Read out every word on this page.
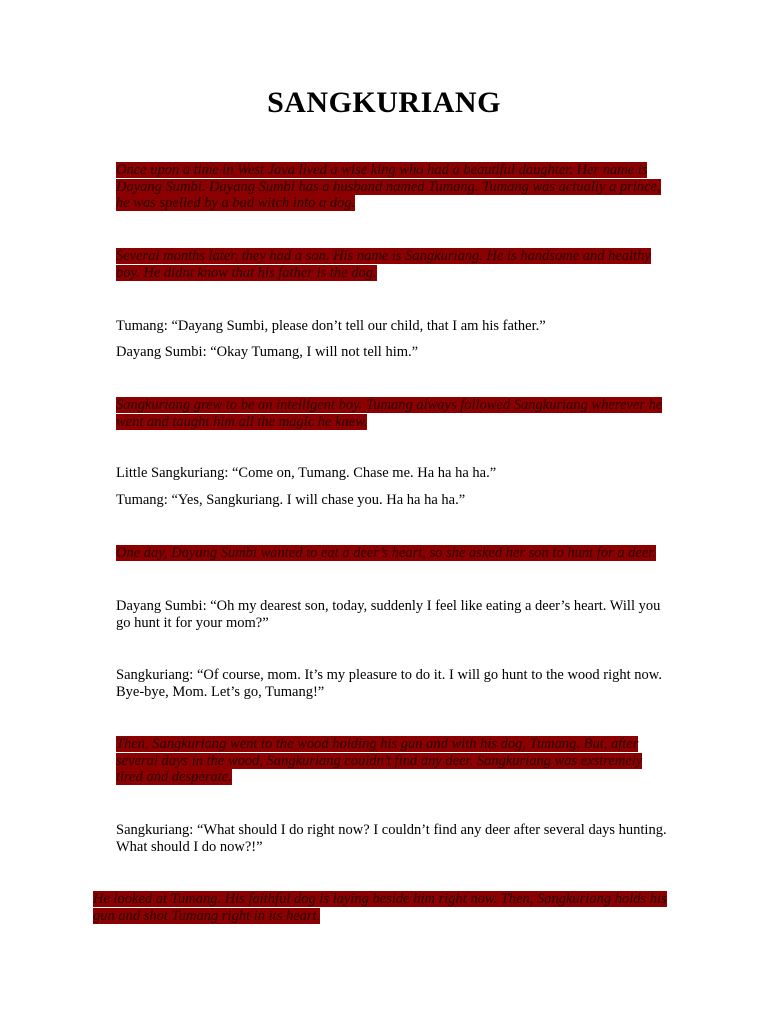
SANGKURIANG

Once upon a time in West Java lived a wise king who had a beautiful daughter. Her name is Dayang Sumbi. Dayang Sumbi has a husband named Tumang. Tumang was actually a prince, he was spelled by a bad witch into a dog.

Several months later, they had a son. His name is Sangkuriang. He is handsome and healthy boy. He didnt know that his father is the dog.

Tumang: “Dayang Sumbi, please don’t tell our child, that I am his father.”

Dayang Sumbi: “Okay Tumang, I will not tell him.”

Sangkuriang grew to be an intelligent boy. Tumang always followed Sangkuriang wherever he went and taught him all the magic he knew.

Little Sangkuriang: “Come on, Tumang. Chase me. Ha ha ha ha.”

Tumang: “Yes, Sangkuriang. I will chase you. Ha ha ha ha.”

One day, Dayang Sumbi wanted to eat a deer’s heart, so she asked her son to hunt for a deer.

Dayang Sumbi: “Oh my dearest son, today, suddenly I feel like eating a deer’s heart. Will you go hunt it for your mom?”

Sangkuriang: “Of course, mom. It’s my pleasure to do it. I will go hunt to the wood right now. Bye-bye, Mom. Let’s go, Tumang!”

Then, Sangkuriang went to the wood holding his gun and with his dog, Tumang. But, after several days in the wood, Sangkuriang couldn’t find any deer. Sangkuriang was exstremely tired and desperate.

Sangkuriang: “What should I do right now? I couldn’t find any deer after several days hunting. What should I do now?!”

He looked at Tumang. His faithful dog is laying beside him right now. Then, Sangkuriang holds his gun and shot Tumang right in its heart.
